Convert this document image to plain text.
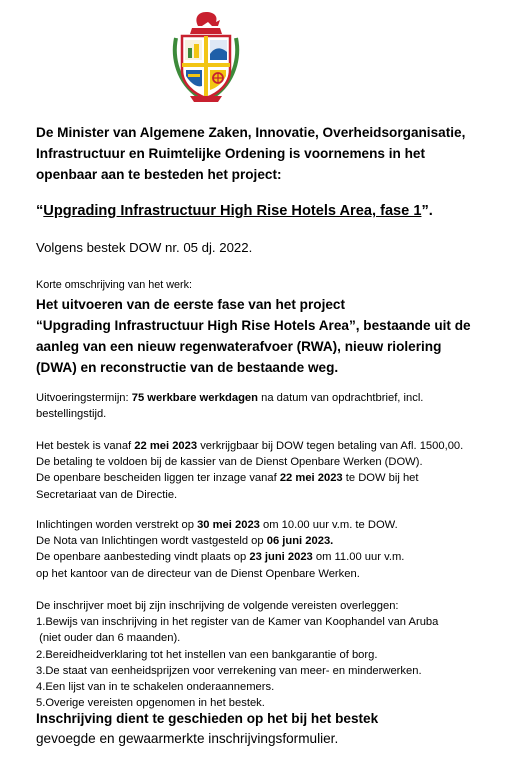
De Minister van Algemene Zaken, Innovatie, Overheidsorganisatie,
Infrastructuur en Ruimtelijke Ordening is voornemens in het
openbaar aan te besteden het project:
“Upgrading Infrastructuur High Rise Hotels Area, fase 1”.
Volgens bestek DOW nr. 05 dj. 2022.
Korte omschrijving van het werk:
Het uitvoeren van de eerste fase van het project
“Upgrading Infrastructuur High Rise Hotels Area”, bestaande uit de
aanleg van een nieuw regenwaterafvoer (RWA), nieuw riolering
(DWA) en reconstructie van de bestaande weg.
Uitvoeringstermijn: 75 werkbare werkdagen na datum van opdrachtbrief, incl.
bestellingstijd.
Het bestek is vanaf 22 mei 2023 verkrijgbaar bij DOW tegen betaling van Afl. 1500,00.
De betaling te voldoen bij de kassier van de Dienst Openbare Werken (DOW).
De openbare bescheiden liggen ter inzage vanaf 22 mei 2023 te DOW bij het
Secretariaat van de Directie.
Inlichtingen worden verstrekt op 30 mei 2023 om 10.00 uur v.m. te DOW.
De Nota van Inlichtingen wordt vastgesteld op 06 juni 2023.
De openbare aanbesteding vindt plaats op 23 juni 2023 om 11.00 uur v.m.
op het kantoor van de directeur van de Dienst Openbare Werken.
De inschrijver moet bij zijn inschrijving de volgende vereisten overleggen:
1.Bewijs van inschrijving in het register van de Kamer van Koophandel van Aruba
(niet ouder dan 6 maanden).
2.Bereidheidverklaring tot het instellen van een bankgarantie of borg.
3.De staat van eenheidsprijzen voor verrekening van meer- en minderwerken.
4.Een lijst van in te schakelen onderaannemers.
5.Overige vereisten opgenomen in het bestek.
Inschrijving dient te geschieden op het bij het bestek
gevoegde en gewaarmerkte inschrijvingsformulier.
